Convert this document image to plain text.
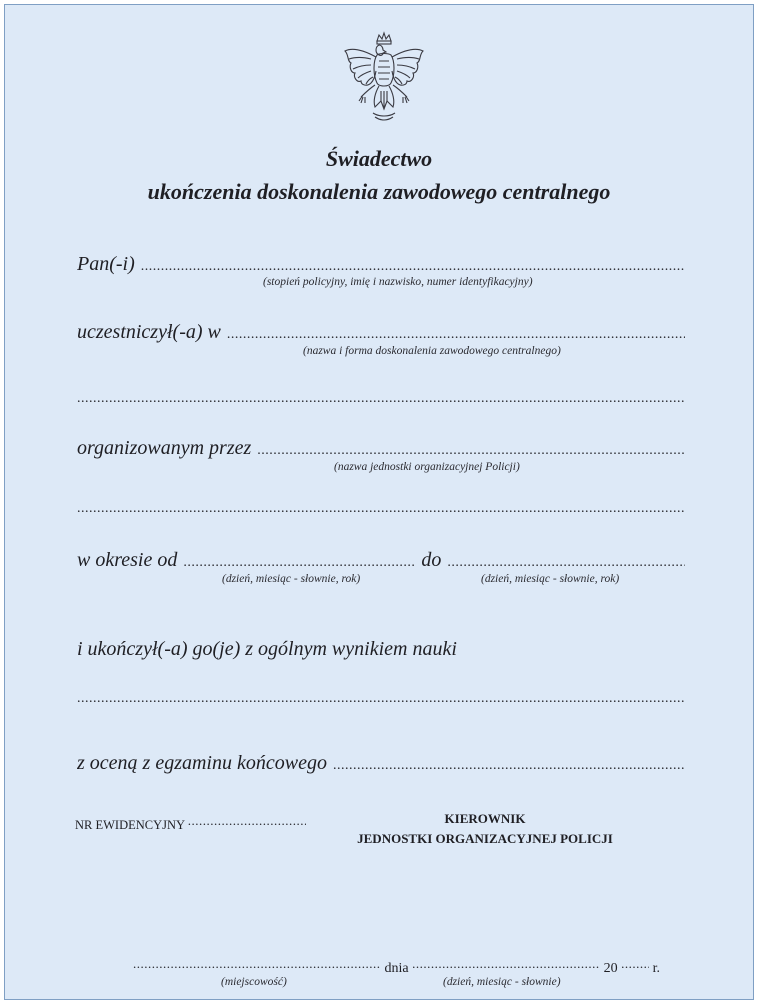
Świadectwo
ukończenia doskonalenia zawodowego centralnego
Pan(-i)
.....
(stopień policyjny, imię i nazwisko, numer identyfikacyjny)
uczestniczył(-a) w
.....
(nazwa i forma doskonalenia zawodowego centralnego)
.....
organizowanym przez
.....
(nazwa jednostki organizacyjnej Policji)
.....
w okresie od .....	do
.....
(dzień, miesiąc - słownie, rok)	(dzień, miesiąc - słownie, rok)
i ukończył(-a) go(je) z ogólnym wynikiem nauki
.....
z oceną z egzaminu końcowego
.....
NR EWIDENCYJNY .....	KIEROWNIK
JEDNOSTKI ORGANIZACYJNEJ POLICJI
..... dnia .....	20 .....	r.
(miejscowość)	(dzień, miesiąc - słownie)
